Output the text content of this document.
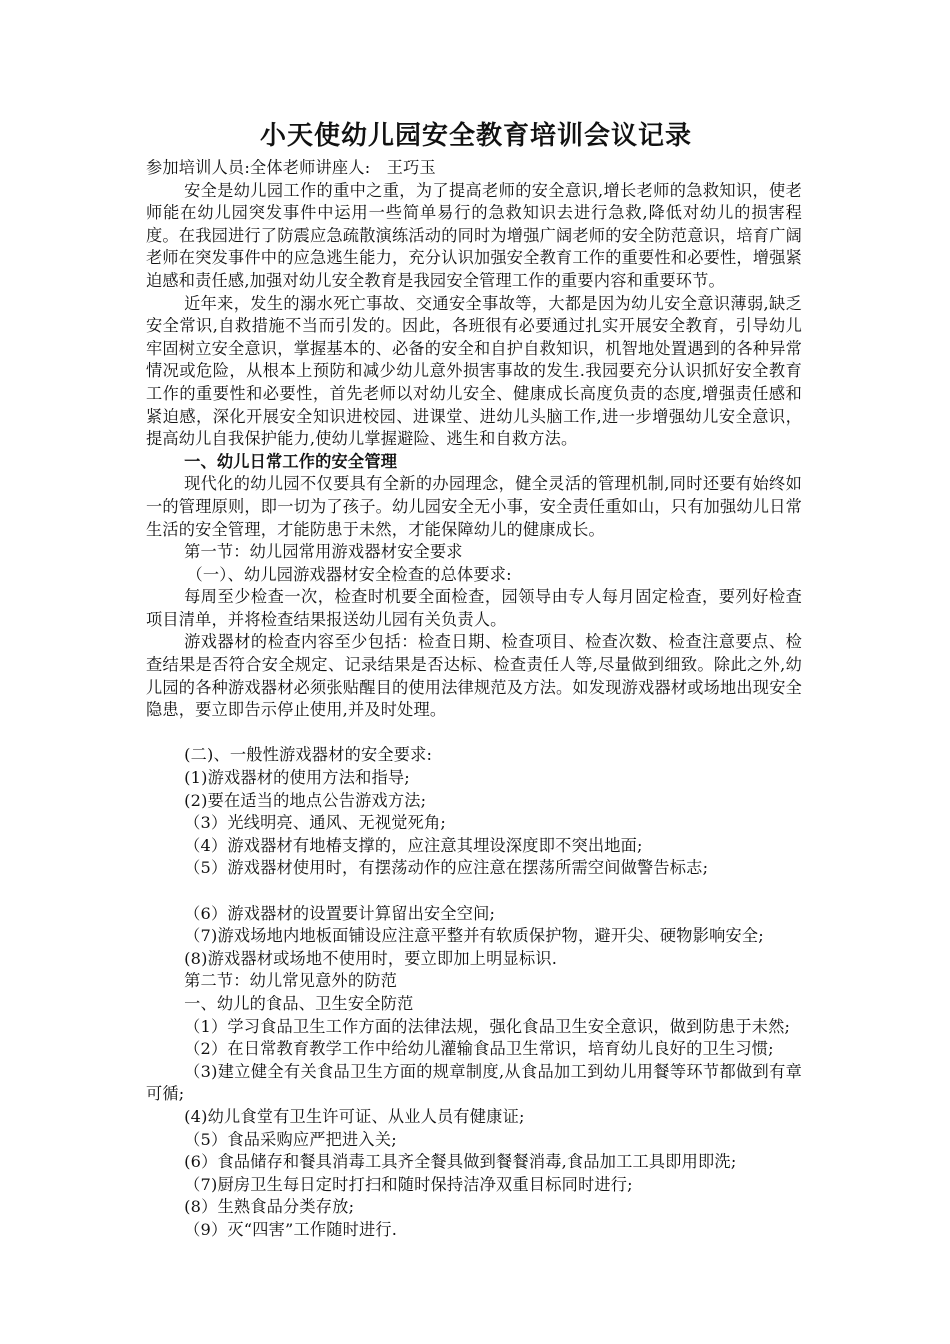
小天使幼儿园安全教育培训会议记录

参加培训人员:全体老师讲座人:　王巧玉

安全是幼儿园工作的重中之重，为了提高老师的安全意识,增长老师的急救知识，使老师能在幼儿园突发事件中运用一些简单易行的急救知识去进行急救,降低对幼儿的损害程度。在我园进行了防震应急疏散演练活动的同时为增强广阔老师的安全防范意识，培育广阔老师在突发事件中的应急逃生能力，充分认识加强安全教育工作的重要性和必要性，增强紧迫感和责任感,加强对幼儿安全教育是我园安全管理工作的重要内容和重要环节。

近年来，发生的溺水死亡事故、交通安全事故等，大都是因为幼儿安全意识薄弱,缺乏安全常识,自救措施不当而引发的。因此，各班很有必要通过扎实开展安全教育，引导幼儿牢固树立安全意识，掌握基本的、必备的安全和自护自救知识，机智地处置遇到的各种异常情况或危险，从根本上预防和减少幼儿意外损害事故的发生.我园要充分认识抓好安全教育工作的重要性和必要性，首先老师以对幼儿安全、健康成长高度负责的态度,增强责任感和紧迫感，深化开展安全知识进校园、进课堂、进幼儿头脑工作,进一步增强幼儿安全意识，提高幼儿自我保护能力,使幼儿掌握避险、逃生和自救方法。

一、幼儿日常工作的安全管理

现代化的幼儿园不仅要具有全新的办园理念，健全灵活的管理机制,同时还要有始终如一的管理原则，即一切为了孩子。幼儿园安全无小事，安全责任重如山，只有加强幼儿日常生活的安全管理，才能防患于未然，才能保障幼儿的健康成长。

第一节：幼儿园常用游戏器材安全要求

（一）、幼儿园游戏器材安全检查的总体要求:

每周至少检查一次，检查时机要全面检查，园领导由专人每月固定检查，要列好检查项目清单，并将检查结果报送幼儿园有关负责人。

游戏器材的检查内容至少包括：检查日期、检查项目、检查次数、检查注意要点、检查结果是否符合安全规定、记录结果是否达标、检查责任人等,尽量做到细致。除此之外,幼儿园的各种游戏器材必须张贴醒目的使用法律规范及方法。如发现游戏器材或场地出现安全隐患，要立即告示停止使用,并及时处理。

(二)、一般性游戏器材的安全要求:

(1)游戏器材的使用方法和指导;

(2)要在适当的地点公告游戏方法;

（3）光线明亮、通风、无视觉死角;

（4）游戏器材有地椿支撑的，应注意其埋设深度即不突出地面;

（5）游戏器材使用时，有摆荡动作的应注意在摆荡所需空间做警告标志;

（6）游戏器材的设置要计算留出安全空间;

（7)游戏场地内地板面铺设应注意平整并有软质保护物，避开尖、硬物影响安全;

(8)游戏器材或场地不使用时，要立即加上明显标识.

第二节：幼儿常见意外的防范

一、幼儿的食品、卫生安全防范

（1）学习食品卫生工作方面的法律法规，强化食品卫生安全意识，做到防患于未然;

（2）在日常教育教学工作中给幼儿灌输食品卫生常识，培育幼儿良好的卫生习惯;

（3)建立健全有关食品卫生方面的规章制度,从食品加工到幼儿用餐等环节都做到有章可循;

(4)幼儿食堂有卫生许可证、从业人员有健康证;

（5）食品采购应严把进入关;

(6）食品储存和餐具消毒工具齐全餐具做到餐餐消毒,食品加工工具即用即洗;

（7)厨房卫生每日定时打扫和随时保持洁净双重目标同时进行;

(8）生熟食品分类存放;

（9）灭“四害”工作随时进行.
